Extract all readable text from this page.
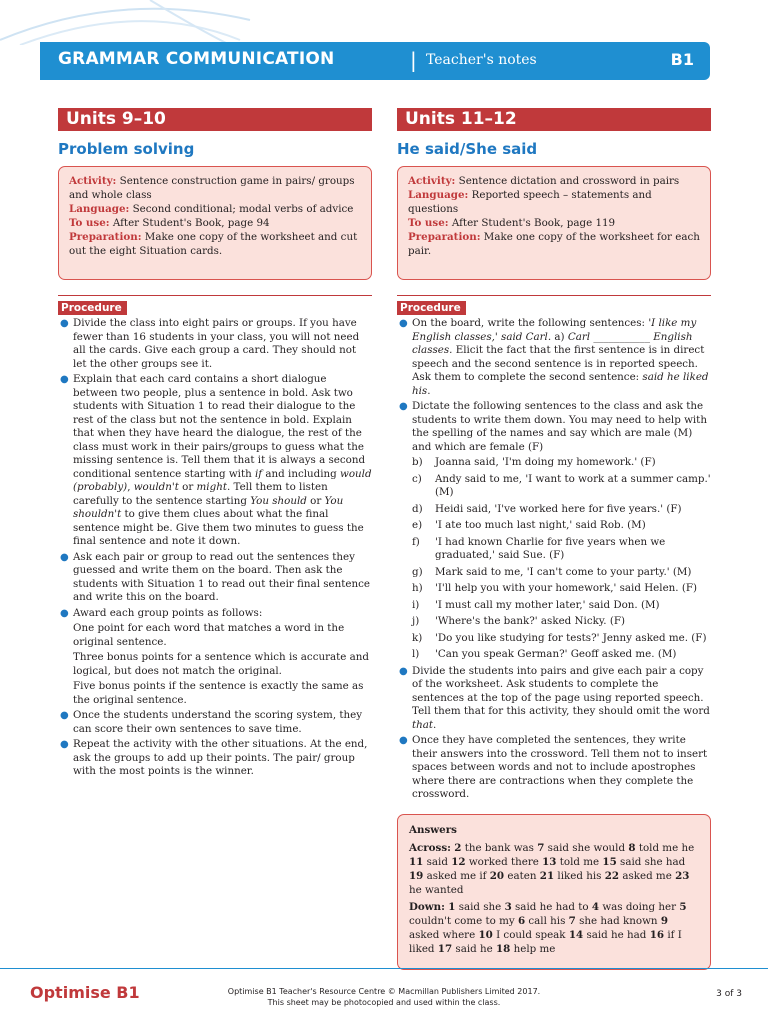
GRAMMAR COMMUNICATION	| Teacher's notes	B1
Units 9–10
Problem solving
Activity: Sentence construction game in pairs/ groups and whole class
Language: Second conditional; modal verbs of advice
To use: After Student's Book, page 94
Preparation: Make one copy of the worksheet and cut out the eight Situation cards.
Procedure
● Divide the class into eight pairs or groups. If you have fewer than 16 students in your class, you will not need all the cards. Give each group a card. They should not let the other groups see it.
● Explain that each card contains a short dialogue between two people, plus a sentence in bold. Ask two students with Situation 1 to read their dialogue to the rest of the class but not the sentence in bold. Explain that when they have heard the dialogue, the rest of the class must work in their pairs/groups to guess what the missing sentence is. Tell them that it is always a second conditional sentence starting with if and including would (probably), wouldn't or might. Tell them to listen carefully to the sentence starting You should or You shouldn't to give them clues about what the final sentence might be. Give them two minutes to guess the final sentence and note it down.
● Ask each pair or group to read out the sentences they guessed and write them on the board. Then ask the students with Situation 1 to read out their final sentence and write this on the board.
● Award each group points as follows:
One point for each word that matches a word in the original sentence.
Three bonus points for a sentence which is accurate and logical, but does not match the original.
Five bonus points if the sentence is exactly the same as the original sentence.
● Once the students understand the scoring system, they can score their own sentences to save time.
● Repeat the activity with the other situations. At the end, ask the groups to add up their points. The pair/ group with the most points is the winner.
Units 11–12
He said/She said
Activity: Sentence dictation and crossword in pairs
Language: Reported speech – statements and questions
To use: After Student's Book, page 119
Preparation: Make one copy of the worksheet for each pair.
Procedure
● On the board, write the following sentences: 'I like my English classes,' said Carl. a) Carl ___________ English classes. Elicit the fact that the first sentence is in direct speech and the second sentence is in reported speech. Ask them to complete the second sentence: said he liked his.
● Dictate the following sentences to the class and ask the students to write them down. You may need to help with the spelling of the names and say which are male (M) and which are female (F)
b) Joanna said, 'I'm doing my homework.' (F)
c) Andy said to me, 'I want to work at a summer camp.' (M)
d) Heidi said, 'I've worked here for five years.' (F)
e) 'I ate too much last night,' said Rob. (M)
f) 'I had known Charlie for five years when we graduated,' said Sue. (F)
g) Mark said to me, 'I can't come to your party.' (M)
h) 'I'll help you with your homework,' said Helen. (F)
i) 'I must call my mother later,' said Don. (M)
j) 'Where's the bank?' asked Nicky. (F)
k) 'Do you like studying for tests?' Jenny asked me. (F)
l) 'Can you speak German?' Geoff asked me. (M)
● Divide the students into pairs and give each pair a copy of the worksheet. Ask students to complete the sentences at the top of the page using reported speech. Tell them that for this activity, they should omit the word that.
● Once they have completed the sentences, they write their answers into the crossword. Tell them not to insert spaces between words and not to include apostrophes where there are contractions when they complete the crossword.
Answers
Across: 2 the bank was 7 said she would 8 told me he 11 said 12 worked there 13 told me 15 said she had 19 asked me if 20 eaten 21 liked his 22 asked me 23 he wanted
Down: 1 said she 3 said he had to 4 was doing her 5 couldn't come to my 6 call his 7 she had known 9 asked where 10 I could speak 14 said he had 16 if I liked 17 said he 18 help me
Optimise B1	Optimise B1 Teacher's Resource Centre © Macmillan Publishers Limited 2017.
This sheet may be photocopied and used within the class.
3 of 3
